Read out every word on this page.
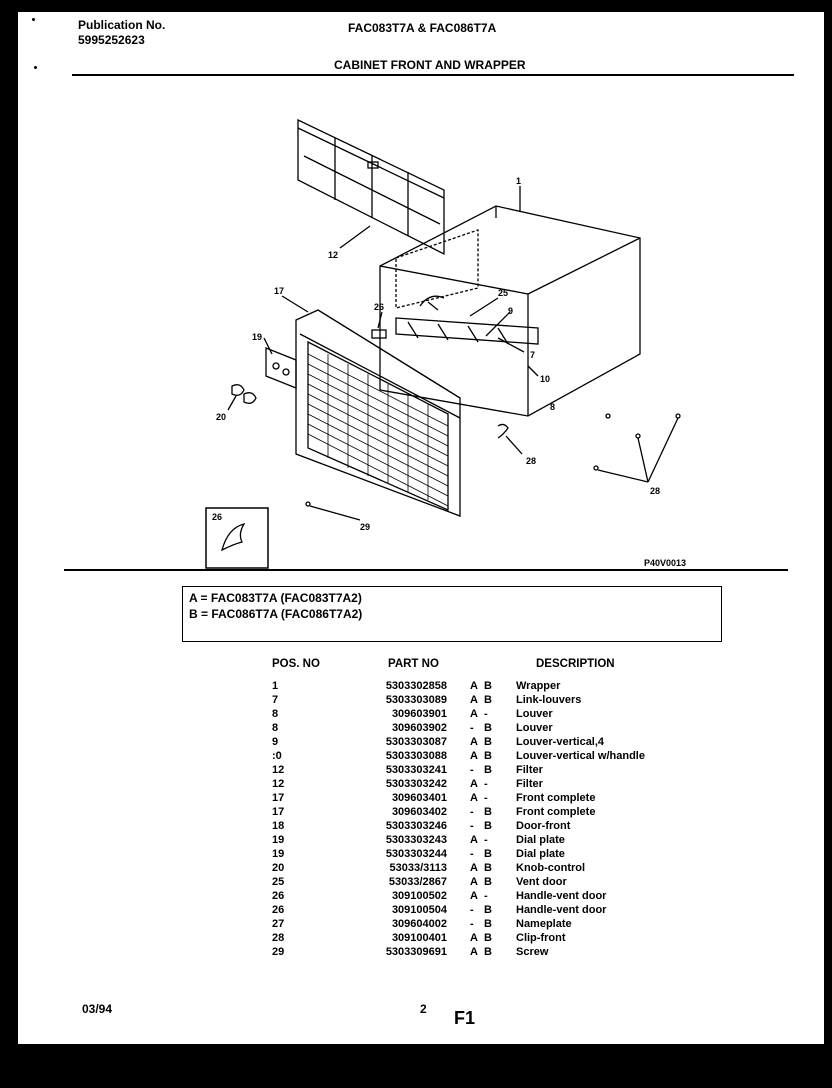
Publication No.
5995252623
FAC083T7A & FAC086T7A
CABINET FRONT AND WRAPPER
1
12
17
19
20
26
25
9
7
10
8
28
29
28
26
P40V0013
A = FAC083T7A (FAC083T7A2)
B = FAC086T7A (FAC086T7A2)
POS. NO	PART NO	DESCRIPTION
1	5303302858 A B Wrapper
7	5303303089 A B Link-louvers
8	309603901 A -	Louver
8	309603902 - B Louver
9	5303303087 A B Louver-vertical,4
:0	5303303088 A B Louver-vertical w/handle
12	5303303241 - B Filter
12	5303303242 A -	Filter
17	309603401 A -	Front complete
17	309603402 - B Front complete
18	5303303246 - B Door-front
19	5303303243 A -	Dial plate
19	5303303244 - B Dial plate
20	53033/3113 A B Knob-control
25	53033/2867 A B Vent door
26	309100502 A -	Handle-vent door
26	309100504 - B Handle-vent door
27	309604002 - B Nameplate
28	309100401 A B Clip-front
29	5303309691 A B Screw
03/94	2 F1
